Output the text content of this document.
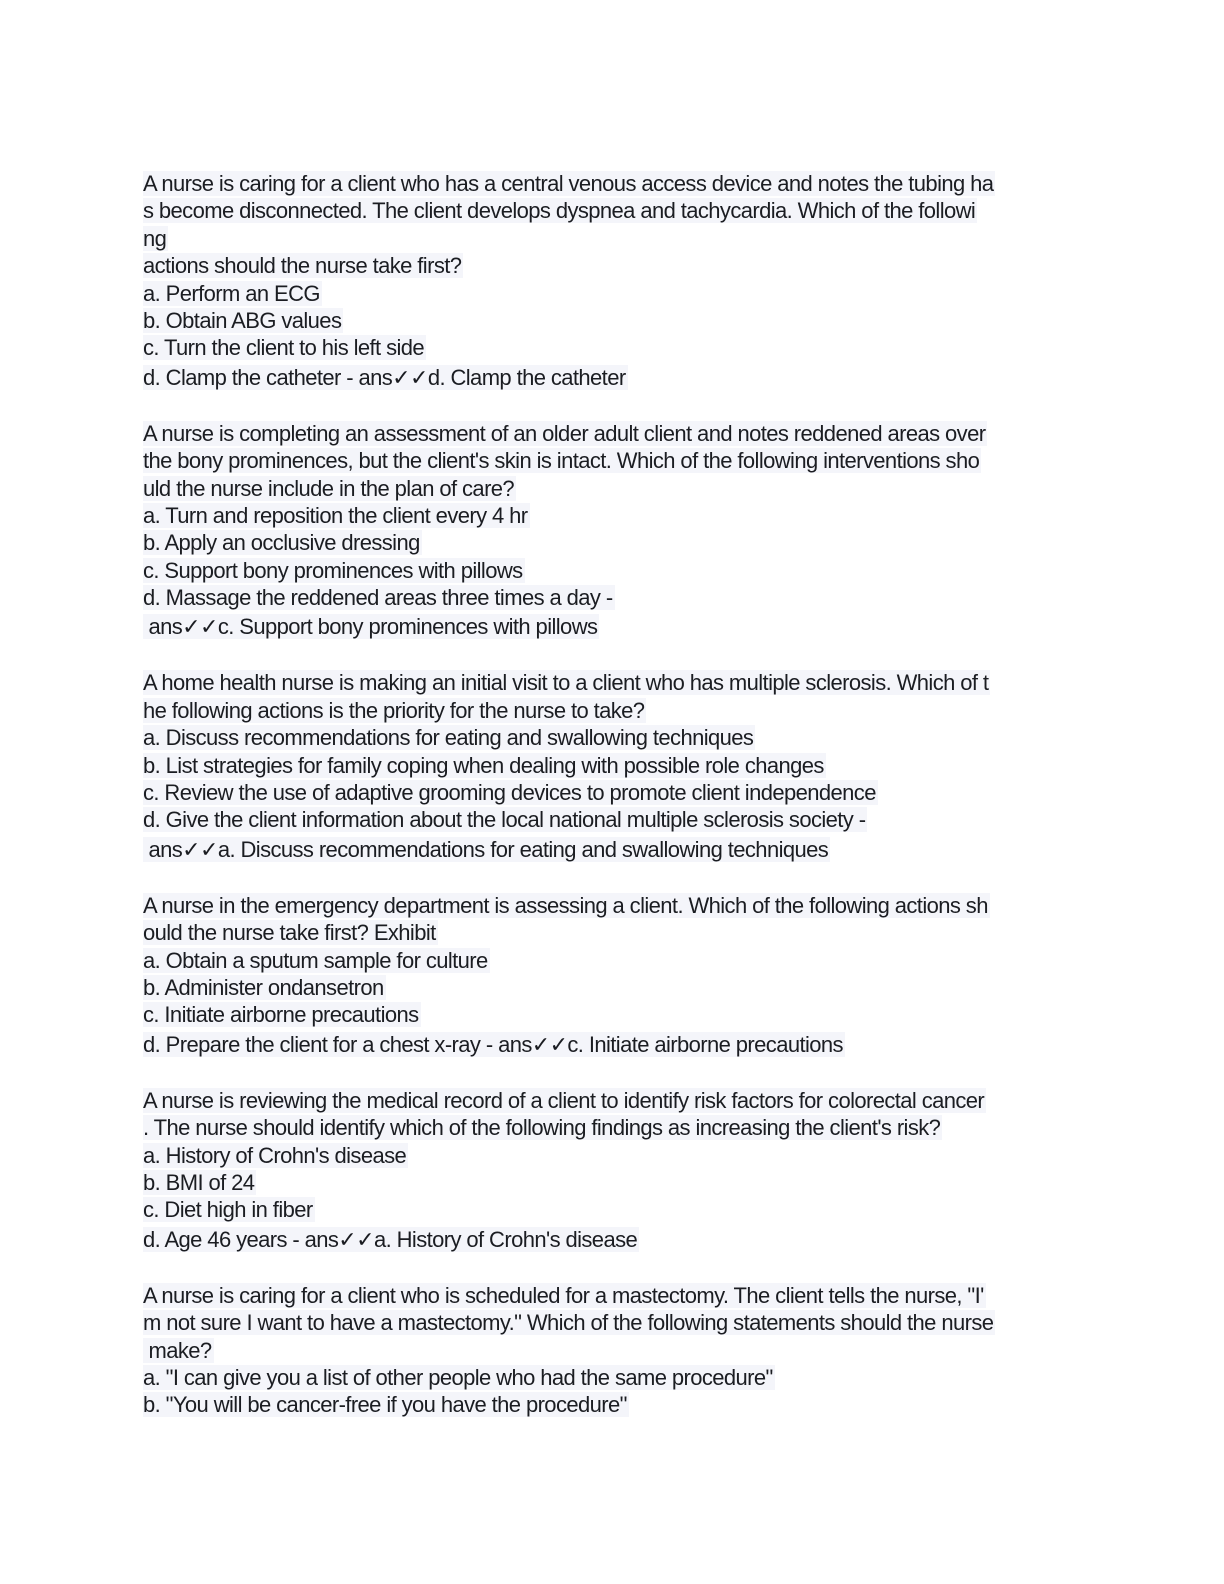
A nurse is caring for a client who has a central venous access device and notes the tubing ha
s become disconnected. The client develops dyspnea and tachycardia. Which of the followi
ng
actions should the nurse take first?
a. Perform an ECG
b. Obtain ABG values
c. Turn the client to his left side
d. Clamp the catheter - ans✓✓d. Clamp the catheter
A nurse is completing an assessment of an older adult client and notes reddened areas over
the bony prominences, but the client's skin is intact. Which of the following interventions sho
uld the nurse include in the plan of care?
a. Turn and reposition the client every 4 hr
b. Apply an occlusive dressing
c. Support bony prominences with pillows
d. Massage the reddened areas three times a day -
ans✓✓c. Support bony prominences with pillows
A home health nurse is making an initial visit to a client who has multiple sclerosis. Which of t
he following actions is the priority for the nurse to take?
a. Discuss recommendations for eating and swallowing techniques
b. List strategies for family coping when dealing with possible role changes
c. Review the use of adaptive grooming devices to promote client independence
d. Give the client information about the local national multiple sclerosis society -
ans✓✓a. Discuss recommendations for eating and swallowing techniques
A nurse in the emergency department is assessing a client. Which of the following actions sh
ould the nurse take first? Exhibit
a. Obtain a sputum sample for culture
b. Administer ondansetron
c. Initiate airborne precautions
d. Prepare the client for a chest x-ray - ans✓✓c. Initiate airborne precautions
A nurse is reviewing the medical record of a client to identify risk factors for colorectal cancer
. The nurse should identify which of the following findings as increasing the client's risk?
a. History of Crohn's disease
b. BMI of 24
c. Diet high in fiber
d. Age 46 years - ans✓✓a. History of Crohn's disease
A nurse is caring for a client who is scheduled for a mastectomy. The client tells the nurse, "I'
m not sure I want to have a mastectomy." Which of the following statements should the nurse
make?
a. "I can give you a list of other people who had the same procedure"
b. "You will be cancer-free if you have the procedure"
